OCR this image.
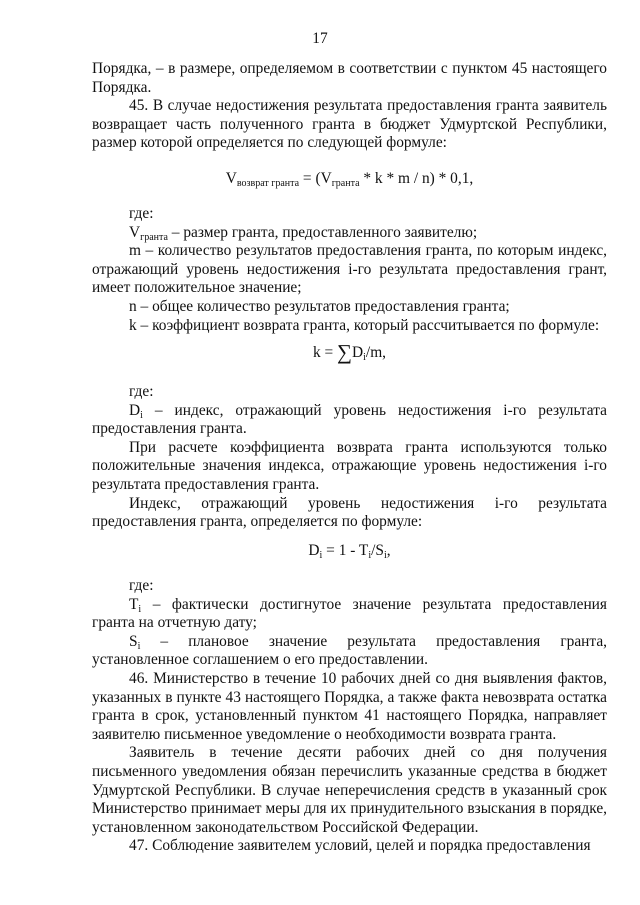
17

Порядка, – в размере, определяемом в соответствии с пунктом 45 настоящего Порядка.

45. В случае недостижения результата предоставления гранта заявитель возвращает часть полученного гранта в бюджет Удмуртской Республики, размер которой определяется по следующей формуле:

$V_{возврат гранта} = (V_{гранта} * k * m / n) * 0,1$,

где:

$V_{гранта}$ – размер гранта, предоставленного заявителю;

m – количество результатов предоставления гранта, по которым индекс, отражающий уровень недостижения i-го результата предоставления грант, имеет положительное значение;

n – общее количество результатов предоставления гранта;

k – коэффициент возврата гранта, который рассчитывается по формуле:

$k = \sum D_i/m$,

где:

$D_i$ – индекс, отражающий уровень недостижения i-го результата предоставления гранта.

При расчете коэффициента возврата гранта используются только положительные значения индекса, отражающие уровень недостижения i-го результата предоставления гранта.

Индекс, отражающий уровень недостижения i-го результата предоставления гранта, определяется по формуле:

$D_i = 1 - T_i/S_i$,

где:

$T_i$ – фактически достигнутое значение результата предоставления гранта на отчетную дату;

$S_i$ – плановое значение результата предоставления гранта, установленное соглашением о его предоставлении.

46. Министерство в течение 10 рабочих дней со дня выявления фактов, указанных в пункте 43 настоящего Порядка, а также факта невозврата остатка гранта в срок, установленный пунктом 41 настоящего Порядка, направляет заявителю письменное уведомление о необходимости возврата гранта.

Заявитель в течение десяти рабочих дней со дня получения письменного уведомления обязан перечислить указанные средства в бюджет Удмуртской Республики. В случае неперечисления средств в указанный срок Министерство принимает меры для их принудительного взыскания в порядке, установленном законодательством Российской Федерации.

47. Соблюдение заявителем условий, целей и порядка предоставления
